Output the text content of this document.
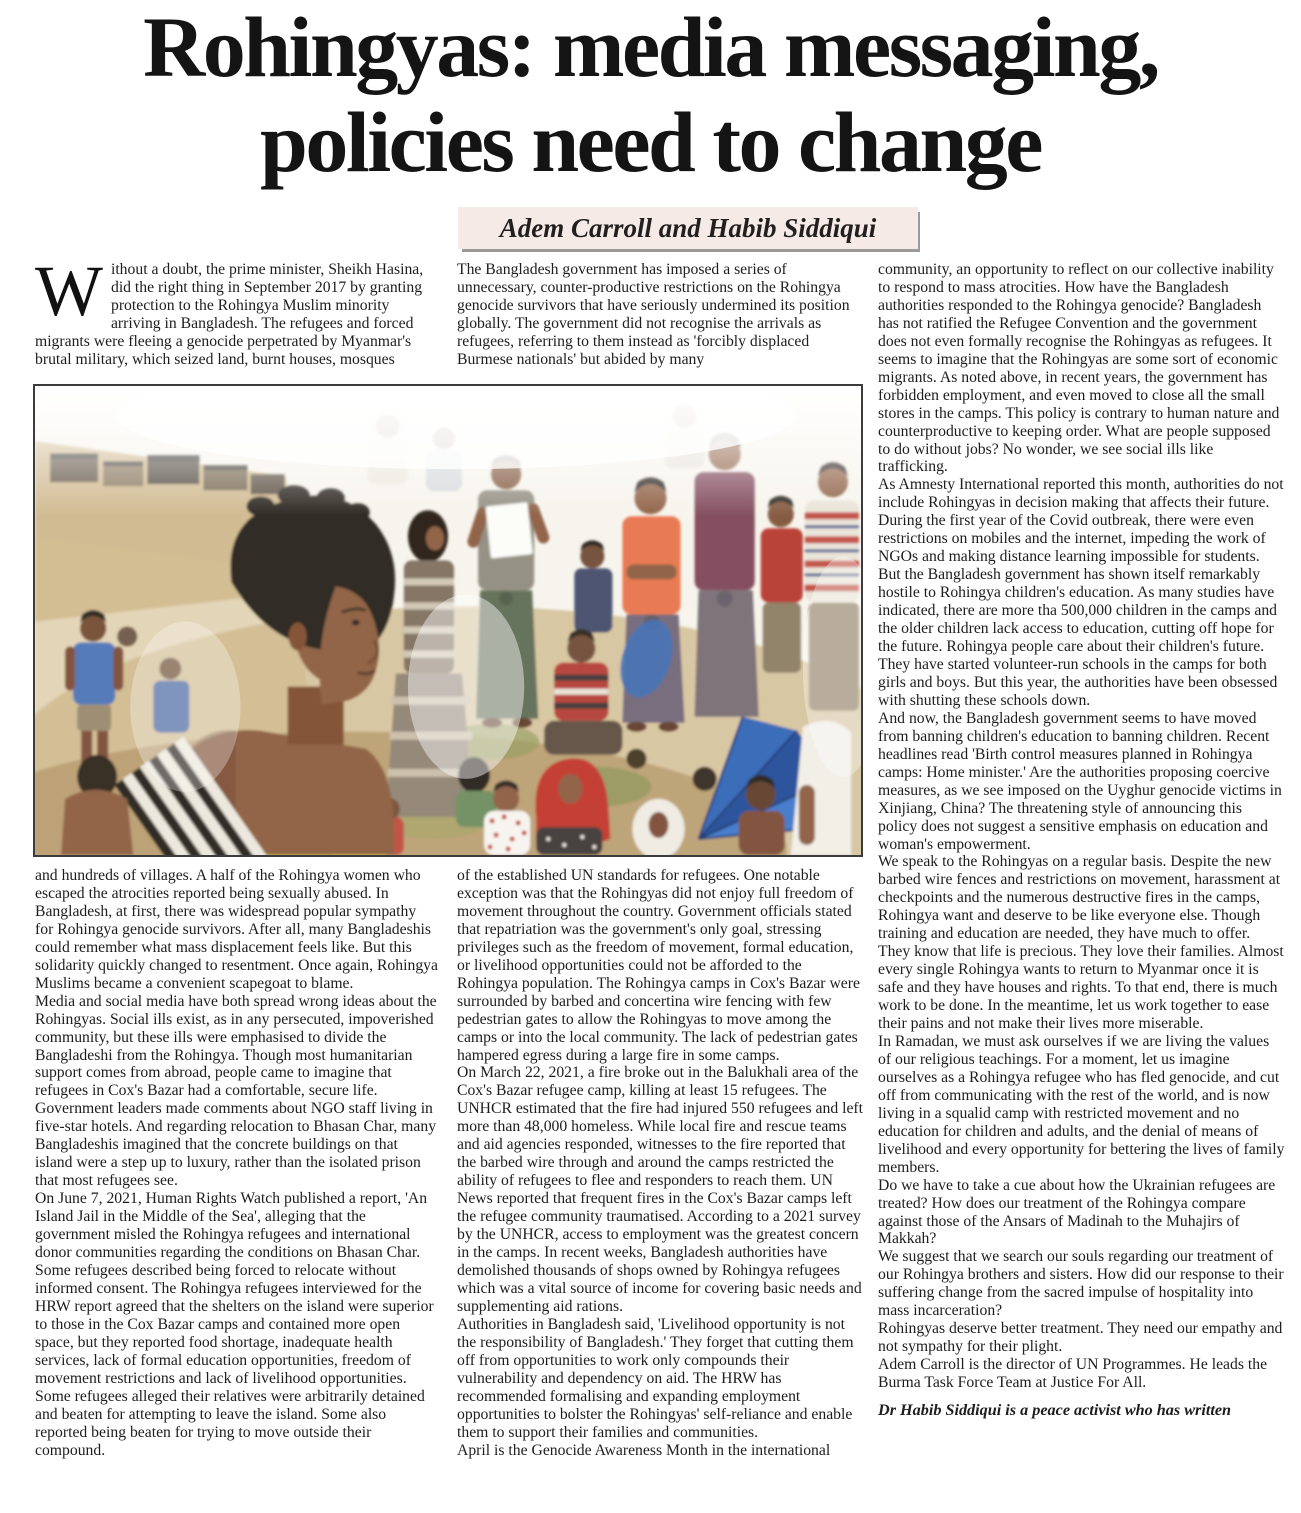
Rohingyas: media messaging,
policies need to change
Adem Carroll and Habib Siddiqui
Without a doubt, the prime minister, Sheikh Hasina, did the right thing in September 2017 by granting protection to the Rohingya Muslim minority arriving in Bangladesh. The refugees and forced migrants were fleeing a genocide perpetrated by Myanmar's brutal military, which seized land, burnt houses, mosques

The Bangladesh government has imposed a series of unnecessary, counter-productive restrictions on the Rohingya genocide survivors that have seriously undermined its position globally. The government did not recognise the arrivals as refugees, referring to them instead as 'forcibly displaced Burmese nationals' but abided by many

and hundreds of villages. A half of the Rohingya women who escaped the atrocities reported being sexually abused. In Bangladesh, at first, there was widespread popular sympathy for Rohingya genocide survivors. After all, many Bangladeshis could remember what mass displacement feels like. But this solidarity quickly changed to resentment. Once again, Rohingya Muslims became a convenient scapegoat to blame.

Media and social media have both spread wrong ideas about the Rohingyas. Social ills exist, as in any persecuted, impoverished community, but these ills were emphasised to divide the Bangladeshi from the Rohingya. Though most humanitarian support comes from abroad, people came to imagine that refugees in Cox's Bazar had a comfortable, secure life. Government leaders made comments about NGO staff living in five-star hotels. And regarding relocation to Bhasan Char, many Bangladeshis imagined that the concrete buildings on that island were a step up to luxury, rather than the isolated prison that most refugees see.

On June 7, 2021, Human Rights Watch published a report, 'An Island Jail in the Middle of the Sea', alleging that the government misled the Rohingya refugees and international donor communities regarding the conditions on Bhasan Char. Some refugees described being forced to relocate without informed consent. The Rohingya refugees interviewed for the HRW report agreed that the shelters on the island were superior to those in the Cox Bazar camps and contained more open space, but they reported food shortage, inadequate health services, lack of formal education opportunities, freedom of movement restrictions and lack of livelihood opportunities. Some refugees alleged their relatives were arbitrarily detained and beaten for attempting to leave the island. Some also reported being beaten for trying to move outside their compound.

of the established UN standards for refugees. One notable exception was that the Rohingyas did not enjoy full freedom of movement throughout the country. Government officials stated that repatriation was the government's only goal, stressing privileges such as the freedom of movement, formal education, or livelihood opportunities could not be afforded to the Rohingya population. The Rohingya camps in Cox's Bazar were surrounded by barbed and concertina wire fencing with few pedestrian gates to allow the Rohingyas to move among the camps or into the local community. The lack of pedestrian gates hampered egress during a large fire in some camps.

On March 22, 2021, a fire broke out in the Balukhali area of the Cox's Bazar refugee camp, killing at least 15 refugees. The UNHCR estimated that the fire had injured 550 refugees and left more than 48,000 homeless. While local fire and rescue teams and aid agencies responded, witnesses to the fire reported that the barbed wire through and around the camps restricted the ability of refugees to flee and responders to reach them. UN News reported that frequent fires in the Cox's Bazar camps left the refugee community traumatised. According to a 2021 survey by the UNHCR, access to employment was the greatest concern in the camps. In recent weeks, Bangladesh authorities have demolished thousands of shops owned by Rohingya refugees which was a vital source of income for covering basic needs and supplementing aid rations.

Authorities in Bangladesh said, 'Livelihood opportunity is not the responsibility of Bangladesh.' They forget that cutting them off from opportunities to work only compounds their vulnerability and dependency on aid. The HRW has recommended formalising and expanding employment opportunities to bolster the Rohingyas' self-reliance and enable them to support their families and communities.

April is the Genocide Awareness Month in the international

community, an opportunity to reflect on our collective inability to respond to mass atrocities. How have the Bangladesh authorities responded to the Rohingya genocide? Bangladesh has not ratified the Refugee Convention and the government does not even formally recognise the Rohingyas as refugees. It seems to imagine that the Rohingyas are some sort of economic migrants. As noted above, in recent years, the government has forbidden employment, and even moved to close all the small stores in the camps. This policy is contrary to human nature and counterproductive to keeping order. What are people supposed to do without jobs? No wonder, we see social ills like trafficking.

As Amnesty International reported this month, authorities do not include Rohingyas in decision making that affects their future. During the first year of the Covid outbreak, there were even restrictions on mobiles and the internet, impeding the work of NGOs and making distance learning impossible for students. But the Bangladesh government has shown itself remarkably hostile to Rohingya children's education. As many studies have indicated, there are more tha 500,000 children in the camps and the older children lack access to education, cutting off hope for the future. Rohingya people care about their children's future. They have started volunteer-run schools in the camps for both girls and boys. But this year, the authorities have been obsessed with shutting these schools down.

And now, the Bangladesh government seems to have moved from banning children's education to banning children. Recent headlines read 'Birth control measures planned in Rohingya camps: Home minister.' Are the authorities proposing coercive measures, as we see imposed on the Uyghur genocide victims in Xinjiang, China? The threatening style of announcing this policy does not suggest a sensitive emphasis on education and woman's empowerment.

We speak to the Rohingyas on a regular basis. Despite the new barbed wire fences and restrictions on movement, harassment at checkpoints and the numerous destructive fires in the camps, Rohingya want and deserve to be like everyone else. Though training and education are needed, they have much to offer. They know that life is precious. They love their families. Almost every single Rohingya wants to return to Myanmar once it is safe and they have houses and rights. To that end, there is much work to be done. In the meantime, let us work together to ease their pains and not make their lives more miserable.

In Ramadan, we must ask ourselves if we are living the values of our religious teachings. For a moment, let us imagine ourselves as a Rohingya refugee who has fled genocide, and cut off from communicating with the rest of the world, and is now living in a squalid camp with restricted movement and no education for children and adults, and the denial of means of livelihood and every opportunity for bettering the lives of family members.

Do we have to take a cue about how the Ukrainian refugees are treated? How does our treatment of the Rohingya compare against those of the Ansars of Madinah to the Muhajirs of Makkah?

We suggest that we search our souls regarding our treatment of our Rohingya brothers and sisters. How did our response to their suffering change from the sacred impulse of hospitality into mass incarceration?

Rohingyas deserve better treatment. They need our empathy and not sympathy for their plight.

Adem Carroll is the director of UN Programmes. He leads the Burma Task Force Team at Justice For All.

Dr Habib Siddiqui is a peace activist who has written
